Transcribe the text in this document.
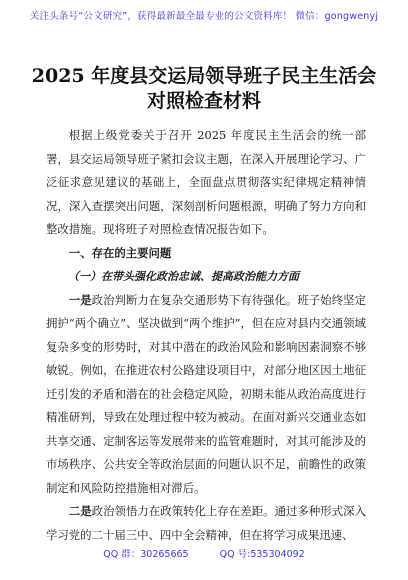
关注头条号“公文研究”，获得最新最全最专业的公文资料库！ 微信：gongwenyj
2025 年度县交运局领导班子民主生活会
对照检查材料

根据上级党委关于召开 2025 年度民主生活会的统一部署，县交运局领导班子紧扣会议主题，在深入开展理论学习、广泛征求意见建议的基础上，全面盘点贯彻落实纪律规定精神情况，深入查摆突出问题，深刻剖析问题根源，明确了努力方向和整改措施。现将班子对照检查情况报告如下。

一、存在的主要问题

（一）在带头强化政治忠诚、提高政治能力方面

一是政治判断力在复杂交通形势下有待强化。班子始终坚定拥护“两个确立”、坚决做到“两个维护”，但在应对县内交通领域复杂多变的形势时，对其中潜在的政治风险和影响因素洞察不够敏锐。例如，在推进农村公路建设项目中，对部分地区因土地征迁引发的矛盾和潜在的社会稳定风险，初期未能从政治高度进行精准研判，导致在处理过程中较为被动。在面对新兴交通业态如共享交通、定制客运等发展带来的监管难题时，对其可能涉及的市场秩序、公共安全等政治层面的问题认识不足，前瞻性的政策制定和风险防控措施相对滞后。

二是政治领悟力在政策转化上存在差距。通过多种形式深入学习党的二十届三中、四中全会精神，但在将学习成果迅速、

QQ 群：30265665	QQ 号:535304092
